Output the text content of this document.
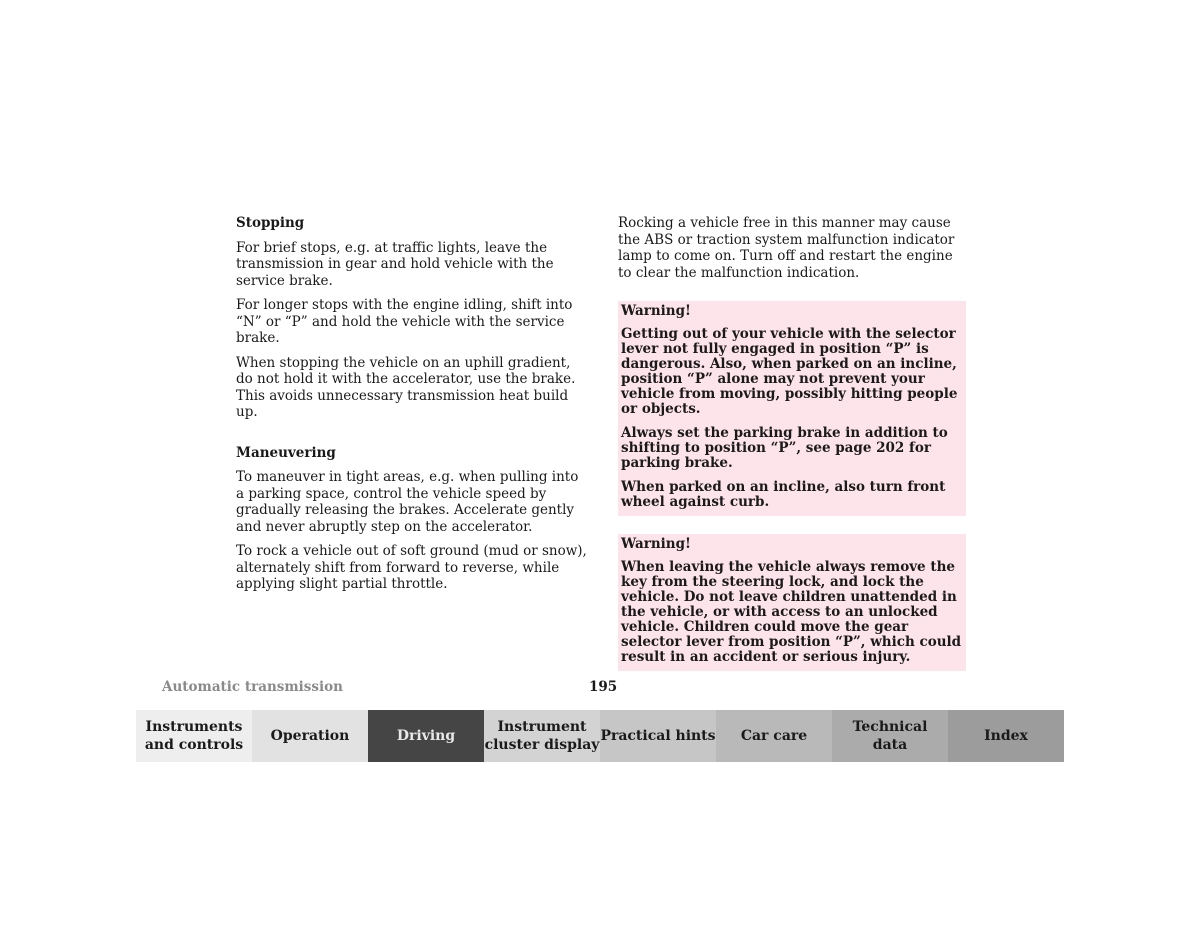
Stopping
For brief stops, e.g. at traffic lights, leave the transmission in gear and hold vehicle with the service brake.
For longer stops with the engine idling, shift into “N” or “P” and hold the vehicle with the service brake.
When stopping the vehicle on an uphill gradient, do not hold it with the accelerator, use the brake. This avoids unnecessary transmission heat build up.
Maneuvering
To maneuver in tight areas, e.g. when pulling into a parking space, control the vehicle speed by gradually releasing the brakes. Accelerate gently and never abruptly step on the accelerator.
To rock a vehicle out of soft ground (mud or snow), alternately shift from forward to reverse, while applying slight partial throttle.
Rocking a vehicle free in this manner may cause the ABS or traction system malfunction indicator lamp to come on. Turn off and restart the engine to clear the malfunction indication.
Warning!
Getting out of your vehicle with the selector lever not fully engaged in position “P” is dangerous. Also, when parked on an incline, position “P” alone may not prevent your vehicle from moving, possibly hitting people or objects.
Always set the parking brake in addition to shifting to position “P”, see page 202 for parking brake.
When parked on an incline, also turn front wheel against curb.
Warning!
When leaving the vehicle always remove the key from the steering lock, and lock the vehicle. Do not leave children unattended in the vehicle, or with access to an unlocked vehicle. Children could move the gear selector lever from position “P”, which could result in an accident or serious injury.
Automatic transmission	195
Instruments
and controls
Operation	Driving
Instrument
cluster display
Practical hints	Car care
Technical
data
Index
